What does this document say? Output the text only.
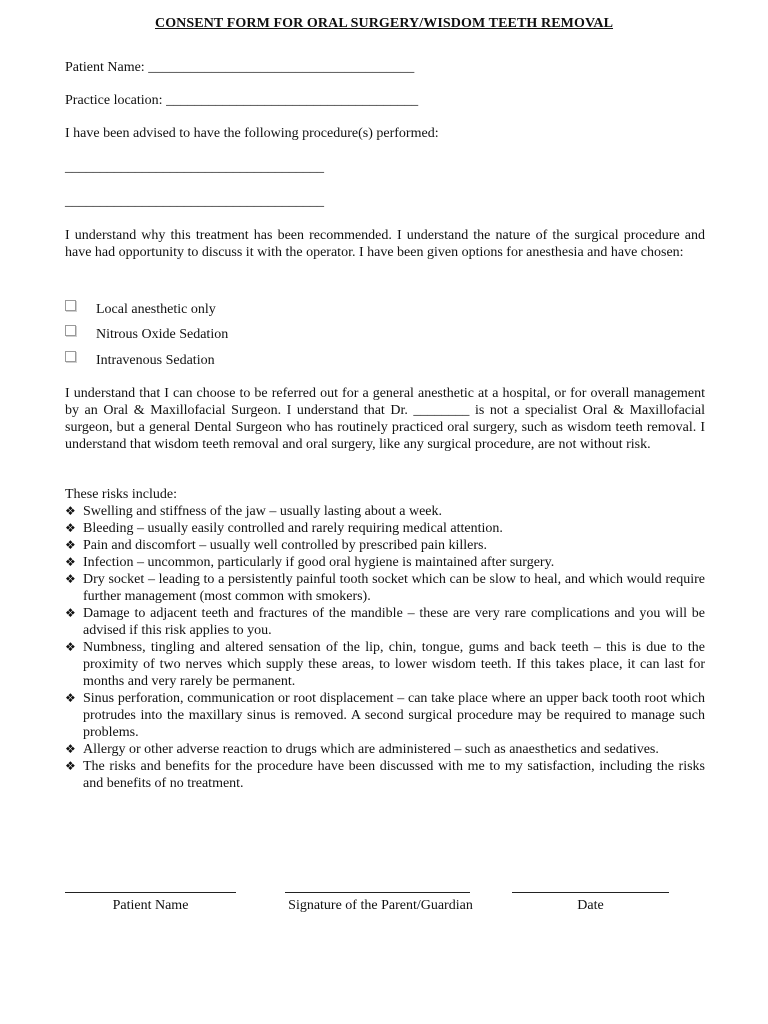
CONSENT FORM FOR ORAL SURGERY/WISDOM TEETH REMOVAL
Patient Name: ______________________________________
Practice location: ____________________________________
I have been advised to have the following procedure(s) performed:
_____________________________________
_____________________________________
I understand why this treatment has been recommended. I understand the nature of the surgical procedure and have had opportunity to discuss it with the operator. I have been given options for anesthesia and have chosen:
Local anesthetic only
Nitrous Oxide Sedation
Intravenous Sedation
I understand that I can choose to be referred out for a general anesthetic at a hospital, or for overall management by an Oral & Maxillofacial Surgeon. I understand that Dr. ________ is not a specialist Oral & Maxillofacial surgeon, but a general Dental Surgeon who has routinely practiced oral surgery, such as wisdom teeth removal. I understand that wisdom teeth removal and oral surgery, like any surgical procedure, are not without risk.
These risks include:
❖ Swelling and stiffness of the jaw – usually lasting about a week.
❖ Bleeding – usually easily controlled and rarely requiring medical attention.
❖ Pain and discomfort – usually well controlled by prescribed pain killers.
❖ Infection – uncommon, particularly if good oral hygiene is maintained after surgery.
❖ Dry socket – leading to a persistently painful tooth socket which can be slow to heal, and which would require further management (most common with smokers).
❖ Damage to adjacent teeth and fractures of the mandible – these are very rare complications and you will be advised if this risk applies to you.
❖ Numbness, tingling and altered sensation of the lip, chin, tongue, gums and back teeth – this is due to the proximity of two nerves which supply these areas, to lower wisdom teeth. If this takes place, it can last for months and very rarely be permanent.
❖ Sinus perforation, communication or root displacement – can take place where an upper back tooth root which protrudes into the maxillary sinus is removed. A second surgical procedure may be required to manage such problems.
❖ Allergy or other adverse reaction to drugs which are administered – such as anaesthetics and sedatives.
❖ The risks and benefits for the procedure have been discussed with me to my satisfaction, including the risks and benefits of no treatment.
Patient Name	Signature of the Parent/Guardian	Date
